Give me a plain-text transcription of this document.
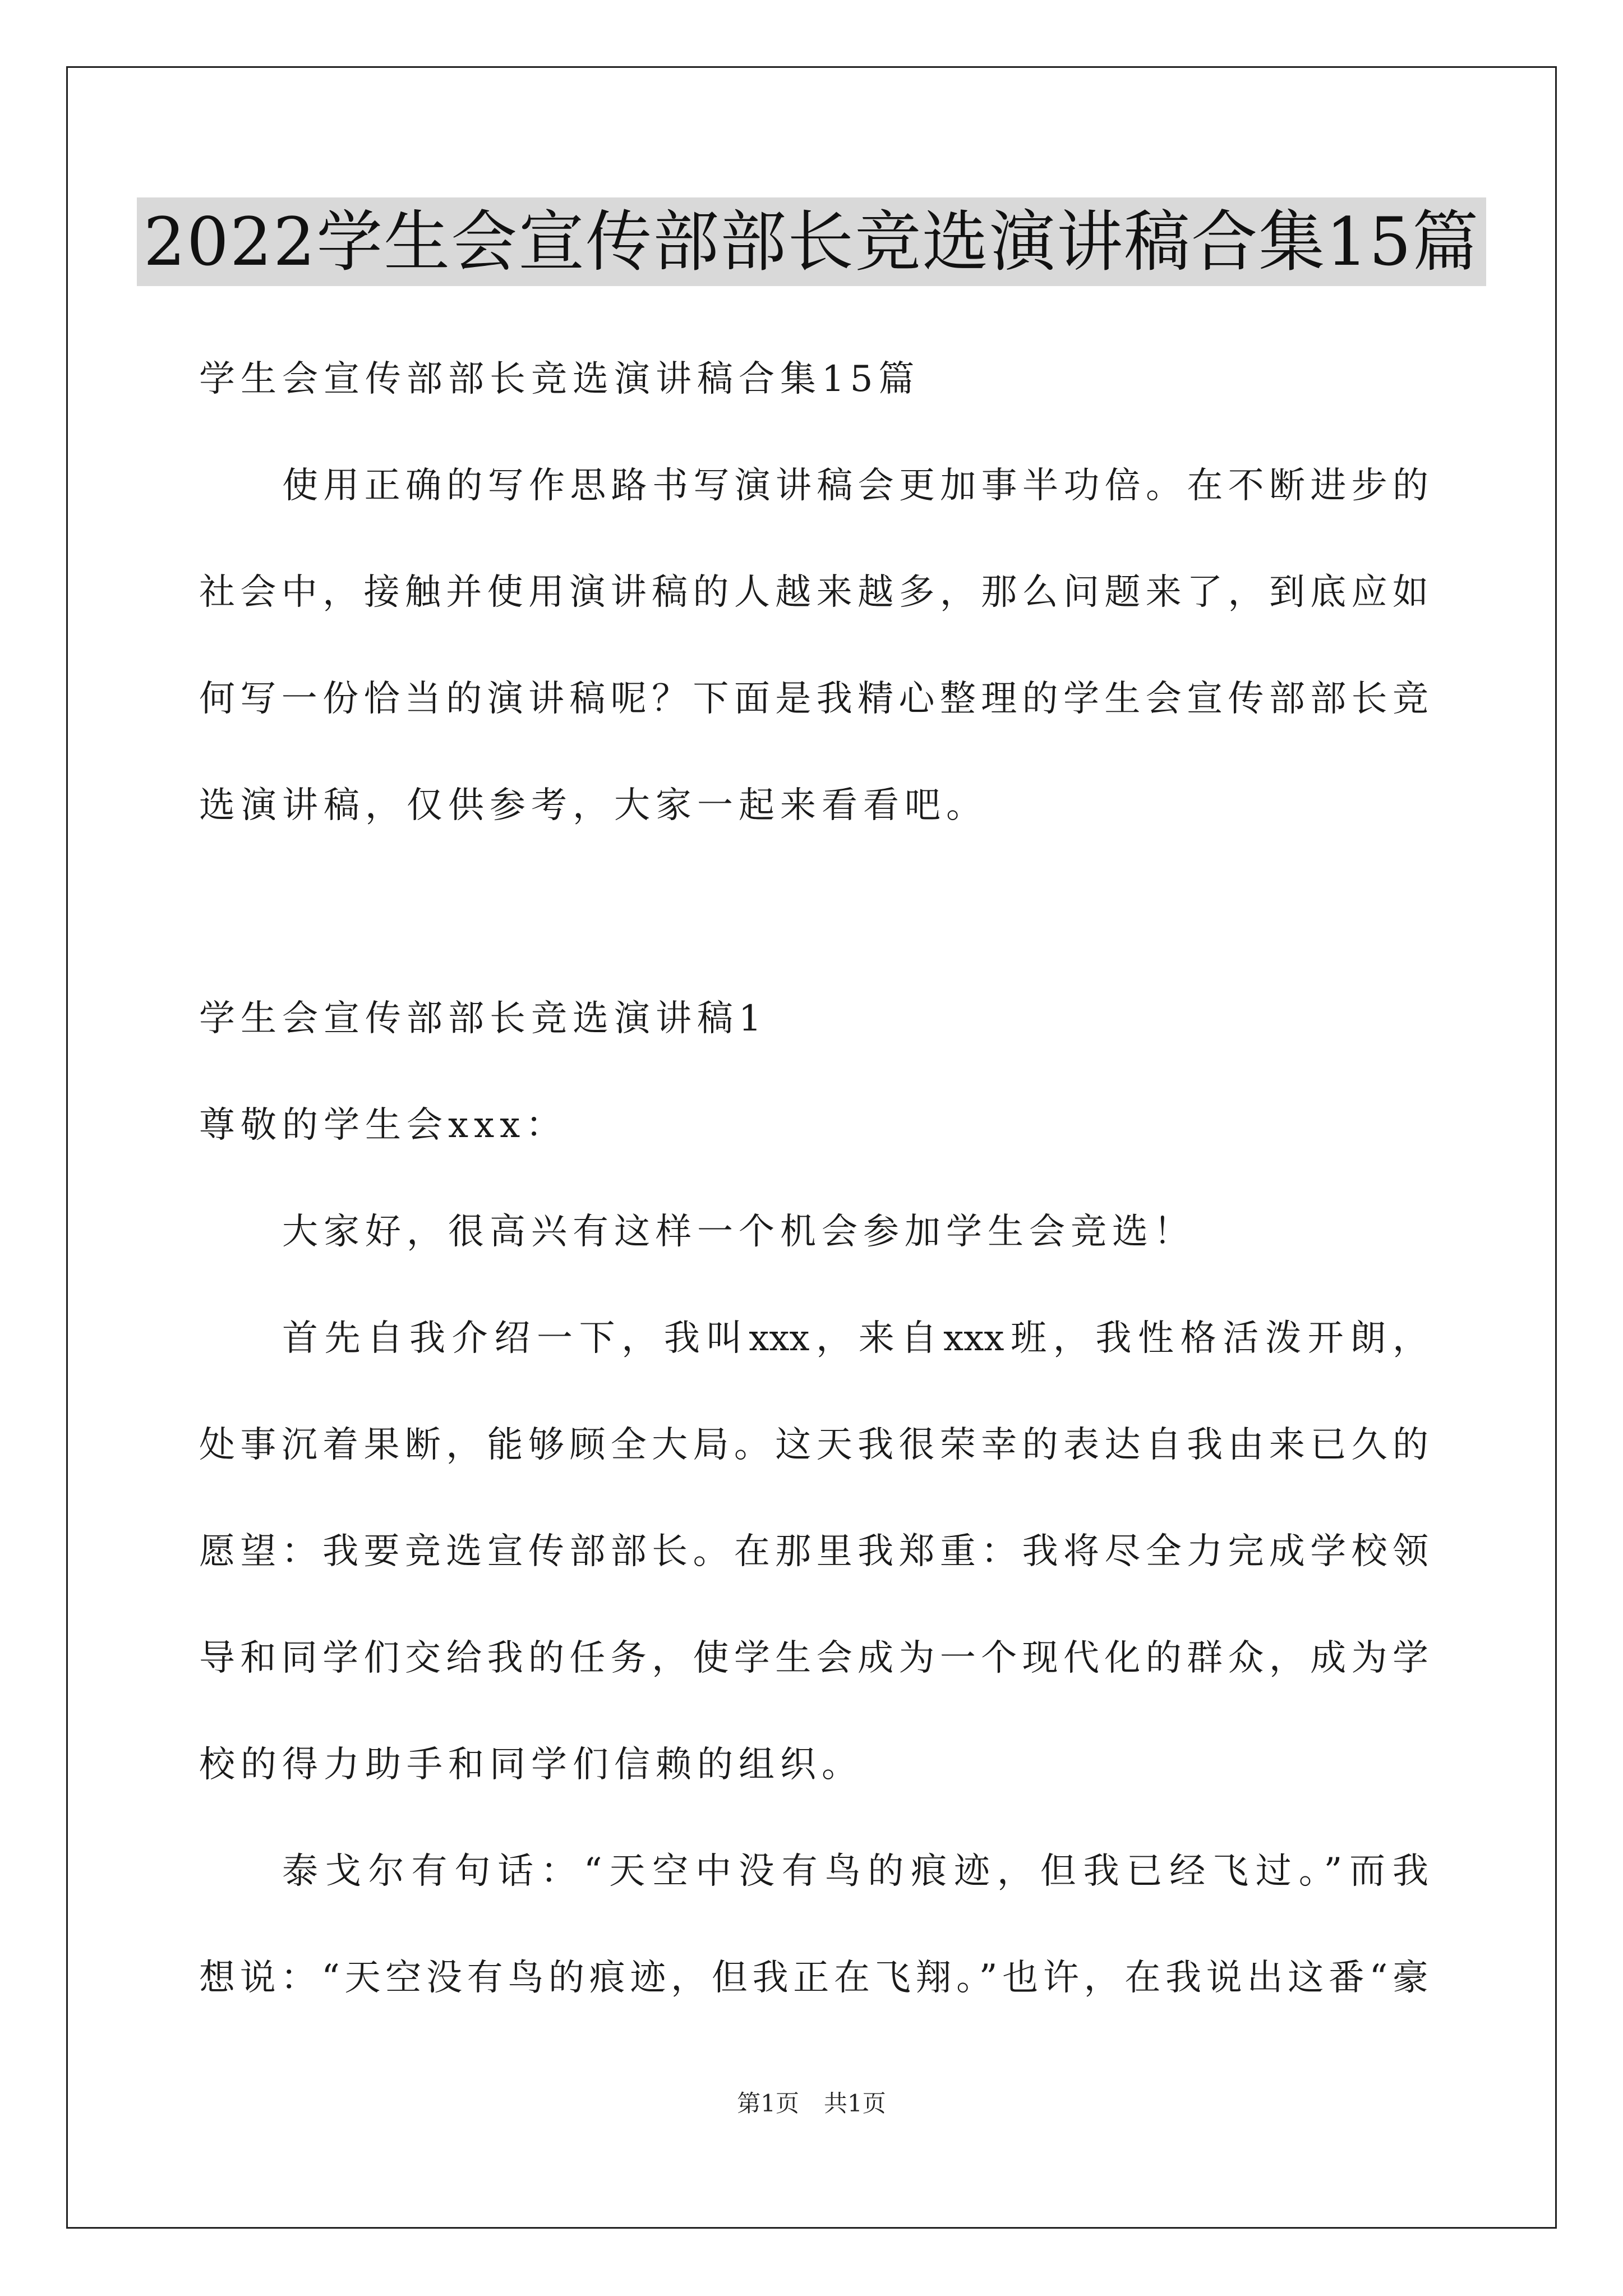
2022学生会宣传部部长竞选演讲稿合集15篇
学生会宣传部部长竞选演讲稿合集15篇
使用正确的写作思路书写演讲稿会更加事半功倍。在不断进步的
社会中，接触并使用演讲稿的人越来越多，那么问题来了，到底应如
何写一份恰当的演讲稿呢？下面是我精心整理的学生会宣传部部长竞
选演讲稿，仅供参考，大家一起来看看吧。
学生会宣传部部长竞选演讲稿1
尊敬的学生会xxx：
大家好，很高兴有这样一个机会参加学生会竞选！
首先自我介绍一下，我叫xxx，来自xxx班，我性格活泼开朗，
处事沉着果断，能够顾全大局。这天我很荣幸的表达自我由来已久的
愿望：我要竞选宣传部部长。在那里我郑重：我将尽全力完成学校领
导和同学们交给我的任务，使学生会成为一个现代化的群众，成为学
校的得力助手和同学们信赖的组织。
泰戈尔有句话：“天空中没有鸟的痕迹，但我已经飞过。”而我
想说：“天空没有鸟的痕迹，但我正在飞翔。”也许，在我说出这番“豪
第1页 共1页
